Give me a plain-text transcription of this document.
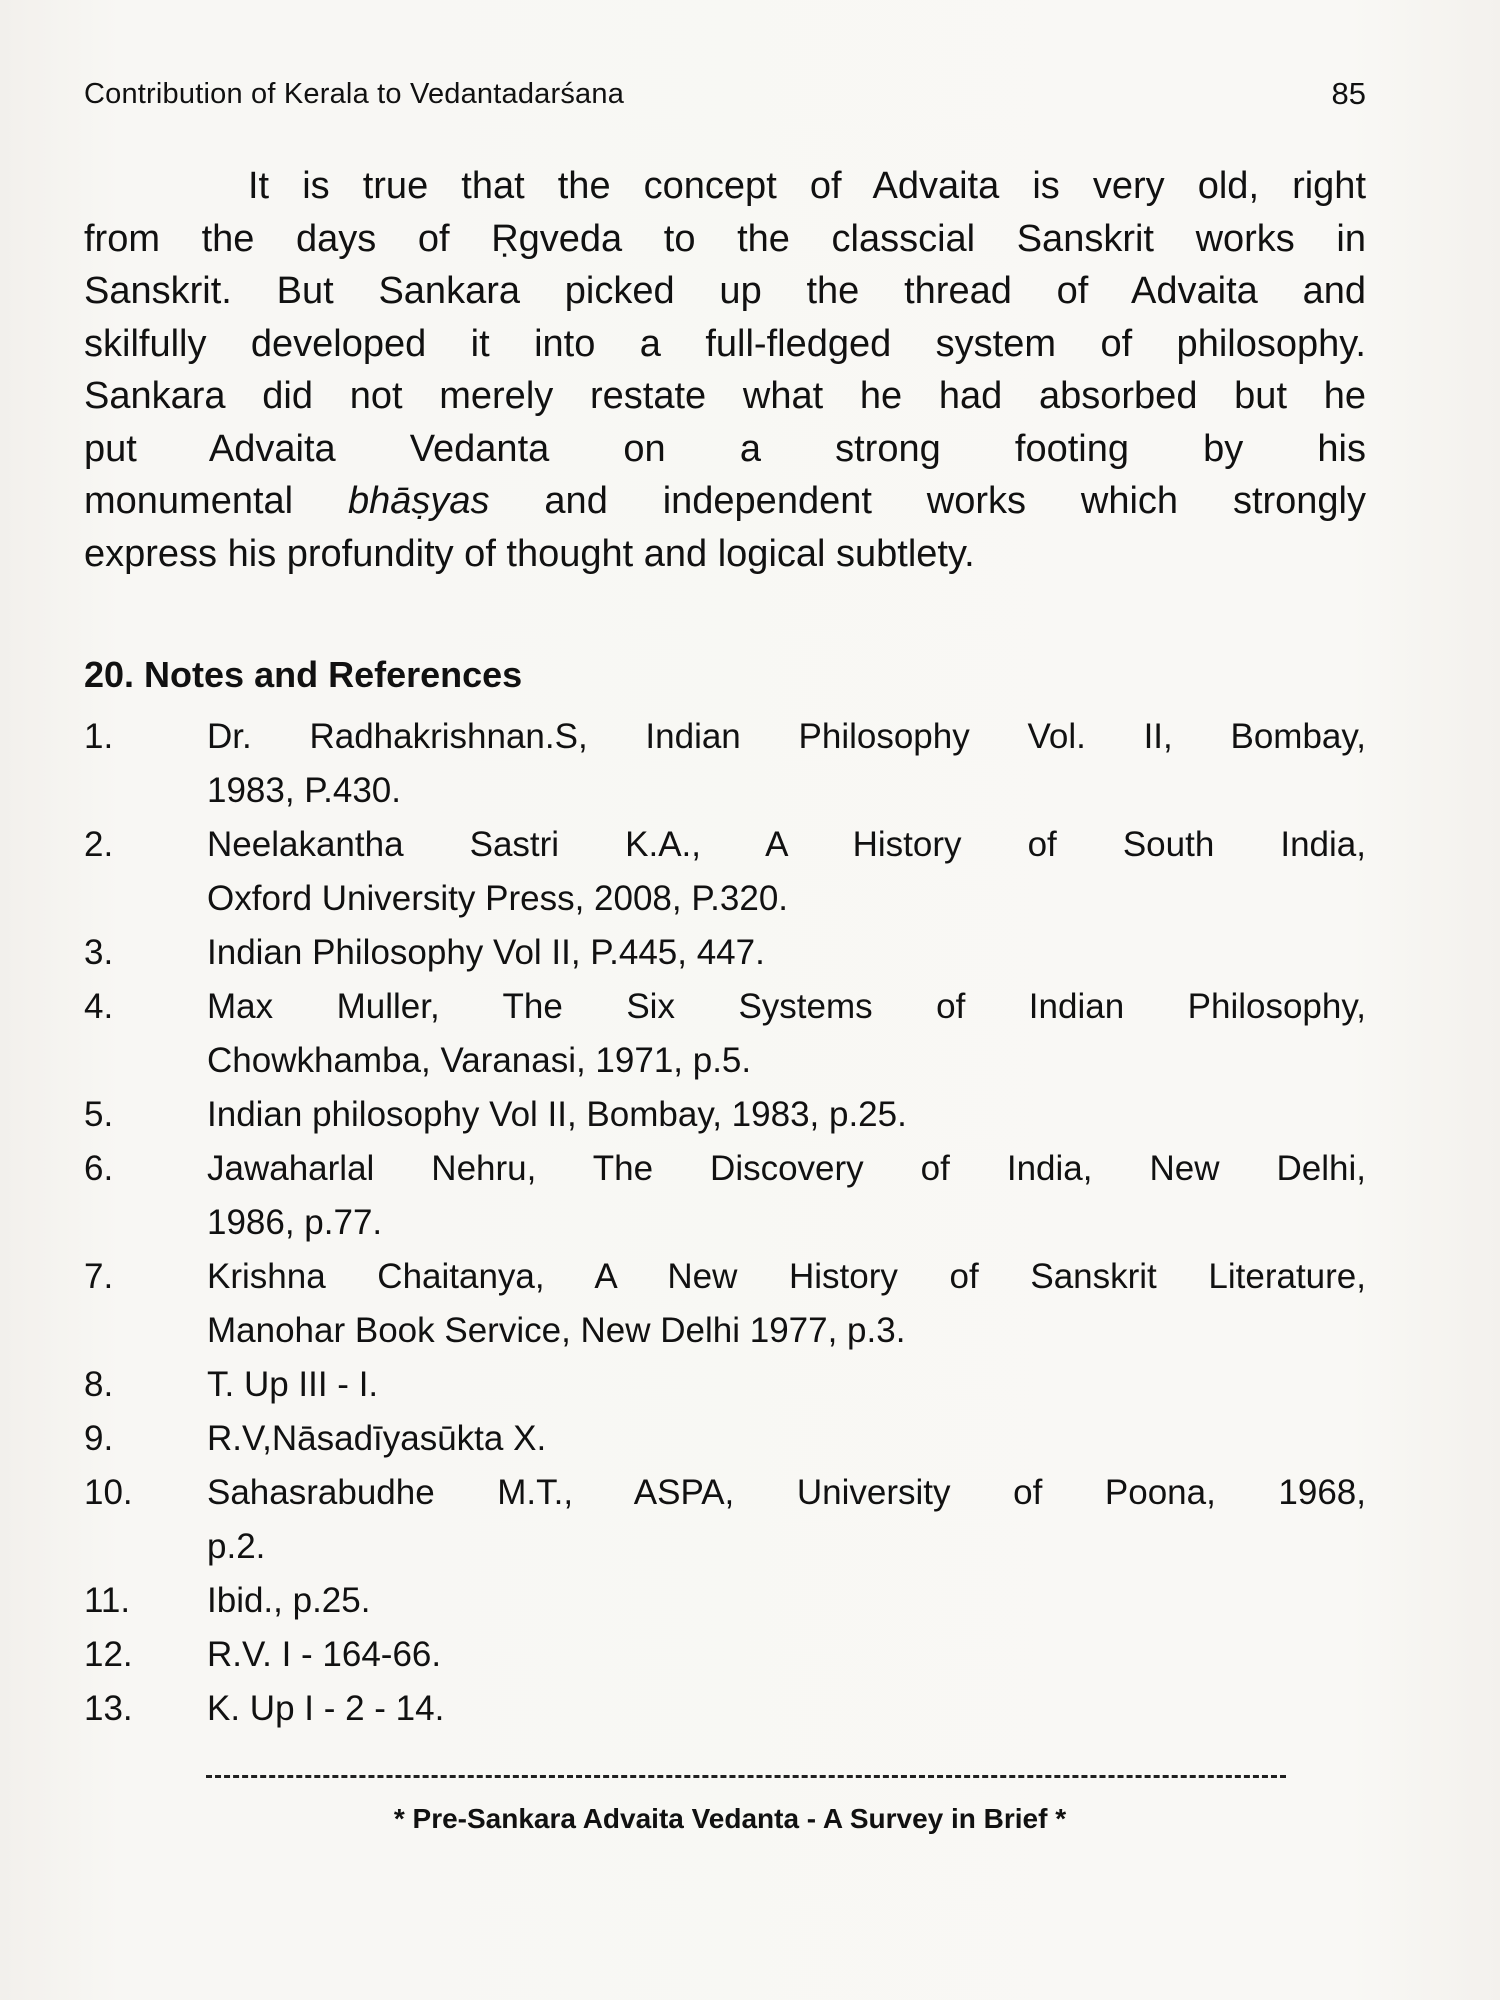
Contribution of Kerala to Vedantadarśana	85
It is true that the concept of Advaita is very old, right
from the days of Ṛgveda to the classcial Sanskrit works in
Sanskrit. But Sankara picked up the thread of Advaita and
skilfully developed it into a full-fledged system of philosophy.
Sankara did not merely restate what he had absorbed but he
put Advaita Vedanta on a strong footing by his
monumental bhāṣyas and independent works which strongly
express his profundity of thought and logical subtlety.
20. Notes and References
1.	Dr. Radhakrishnan.S, Indian Philosophy Vol. II, Bombay,
1983, P.430.
2.	Neelakantha Sastri K.A., A History of South India,
Oxford University Press, 2008, P.320.
3.	Indian Philosophy Vol II, P.445, 447.
4.	Max Muller, The Six Systems of Indian Philosophy,
Chowkhamba, Varanasi, 1971, p.5.
5.	Indian philosophy Vol II, Bombay, 1983, p.25.
6.	Jawaharlal Nehru, The Discovery of India, New Delhi,
1986, p.77.
7.	Krishna Chaitanya, A New History of Sanskrit Literature,
Manohar Book Service, New Delhi 1977, p.3.
8.	T. Up III - I.
9.	R.V,Nāsadīyasūkta X.
10.	Sahasrabudhe M.T., ASPA, University of Poona, 1968,
p.2.
11.	Ibid., p.25.
12.	R.V. I - 164-66.
13.	K. Up I - 2 - 14.
* Pre-Sankara Advaita Vedanta - A Survey in Brief *
